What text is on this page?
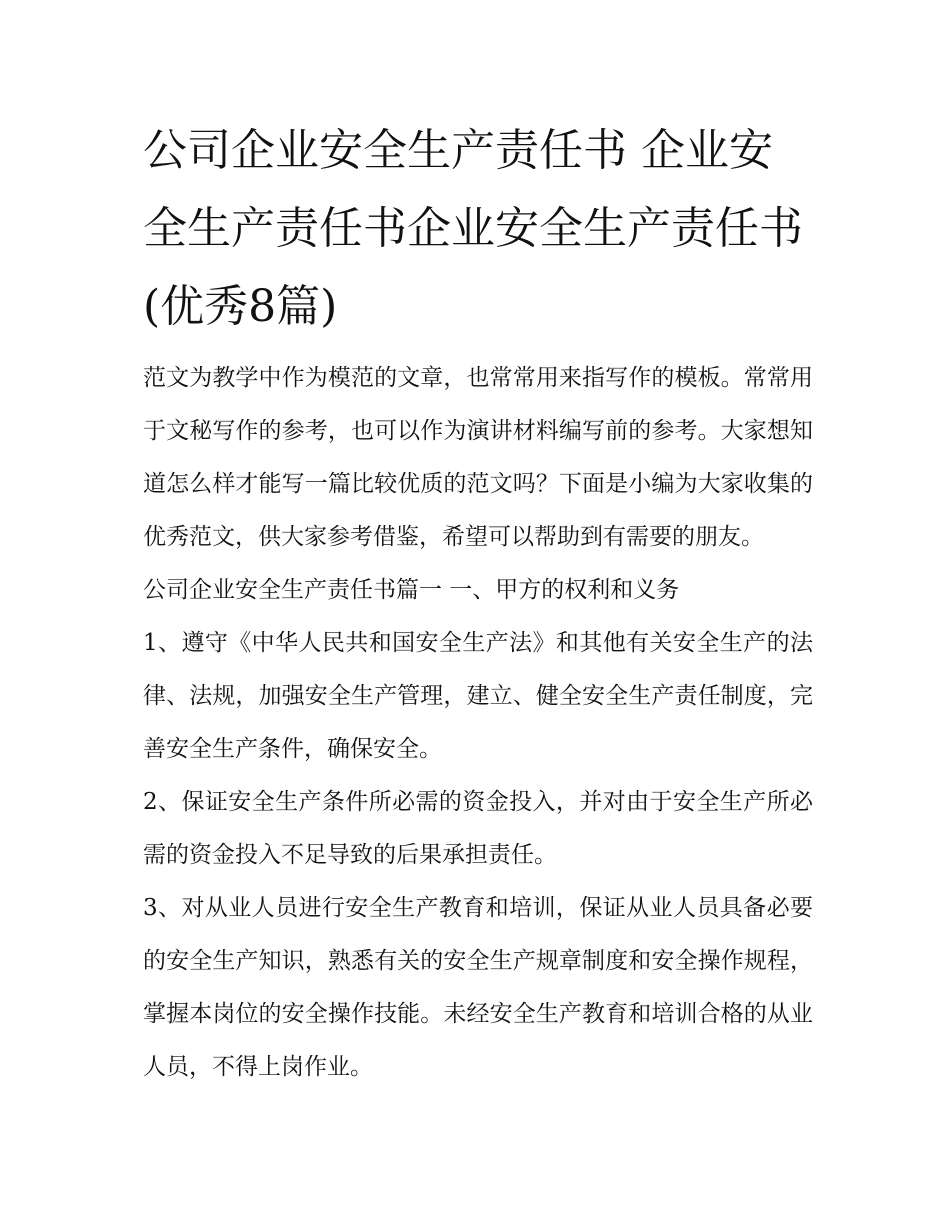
公司企业安全生产责任书 企业安全生产责任书企业安全生产责任书(优秀8篇)

范文为教学中作为模范的文章，也常常用来指写作的模板。常常用于文秘写作的参考，也可以作为演讲材料编写前的参考。大家想知道怎么样才能写一篇比较优质的范文吗？下面是小编为大家收集的优秀范文，供大家参考借鉴，希望可以帮助到有需要的朋友。

公司企业安全生产责任书篇一 一、甲方的权利和义务

1、遵守《中华人民共和国安全生产法》和其他有关安全生产的法律、法规，加强安全生产管理，建立、健全安全生产责任制度，完善安全生产条件，确保安全。

2、保证安全生产条件所必需的资金投入，并对由于安全生产所必需的资金投入不足导致的后果承担责任。

3、对从业人员进行安全生产教育和培训，保证从业人员具备必要的安全生产知识，熟悉有关的安全生产规章制度和安全操作规程，掌握本岗位的安全操作技能。未经安全生产教育和培训合格的从业人员，不得上岗作业。
